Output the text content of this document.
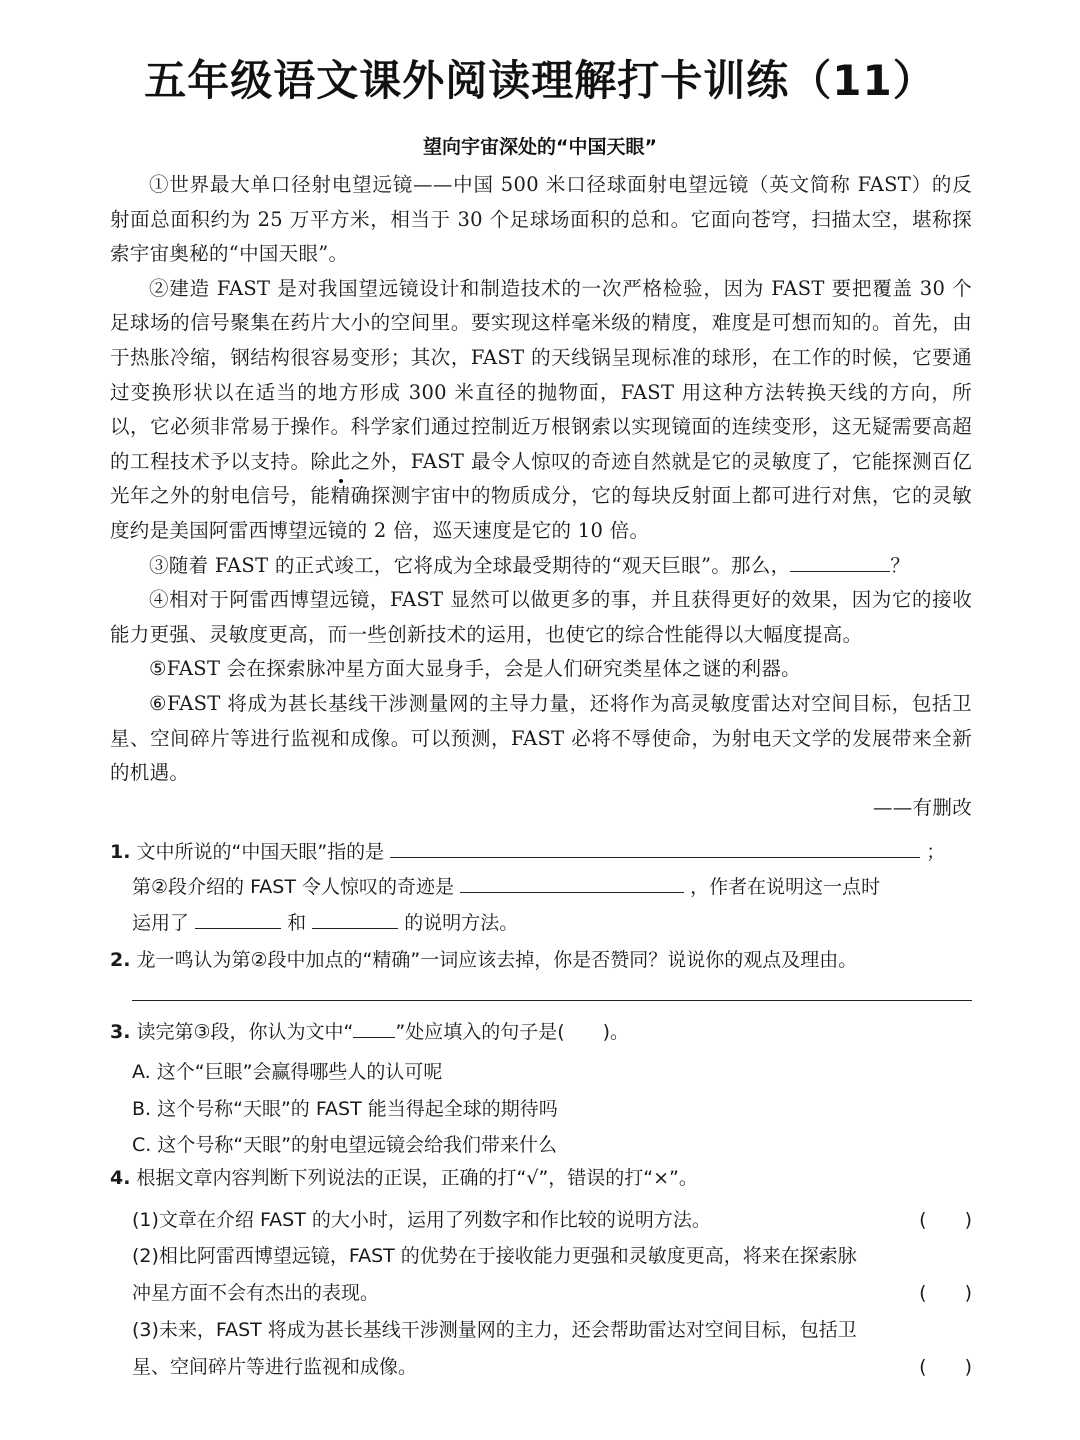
五年级语文课外阅读理解打卡训练（11）
望向宇宙深处的“中国天眼”

①世界最大单口径射电望远镜——中国 500 米口径球面射电望远镜（英文简称 FAST）的反射面总面积约为 25 万平方米，相当于 30 个足球场面积的总和。它面向苍穹，扫描太空，堪称探索宇宙奥秘的“中国天眼”。

②建造 FAST 是对我国望远镜设计和制造技术的一次严格检验，因为 FAST 要把覆盖 30 个足球场的信号聚集在药片大小的空间里。要实现这样毫米级的精度，难度是可想而知的。首先，由于热胀冷缩，钢结构很容易变形；其次，FAST 的天线锅呈现标准的球形，在工作的时候，它要通过变换形状以在适当的地方形成 300 米直径的抛物面，FAST 用这种方法转换天线的方向，所以，它必须非常易于操作。科学家们通过控制近万根钢索以实现镜面的连续变形，这无疑需要高超的工程技术予以支持。除此之外，FAST 最令人惊叹的奇迹自然就是它的灵敏度了，它能探测百亿光年之外的射电信号，能精确探测宇宙中的物质成分，它的每块反射面上都可进行对焦，它的灵敏度约是美国阿雷西博望远镜的 2 倍，巡天速度是它的 10 倍。

③随着 FAST 的正式竣工，它将成为全球最受期待的“观天巨眼”。那么，	？

④相对于阿雷西博望远镜，FAST 显然可以做更多的事，并且获得更好的效果，因为它的接收能力更强、灵敏度更高，而一些创新技术的运用，也使它的综合性能得以大幅度提高。

⑤FAST 会在探索脉冲星方面大显身手，会是人们研究类星体之谜的利器。

⑥FAST 将成为甚长基线干涉测量网的主导力量，还将作为高灵敏度雷达对空间目标，包括卫星、空间碎片等进行监视和成像。可以预测，FAST 必将不辱使命，为射电天文学的发展带来全新的机遇。

——有删改

1. 文中所说的“中国天眼”指的是	；
第②段介绍的 FAST 令人惊叹的奇迹是	，作者在说明这一点时
运用了	和	的说明方法。
2. 龙一鸣认为第②段中加点的“精确”一词应该去掉，你是否赞同？说说你的观点及理由。
3. 读完第③段，你认为文中“ ”处应填入的句子是(　　)。
A. 这个“巨眼”会赢得哪些人的认可呢
B. 这个号称“天眼”的 FAST 能当得起全球的期待吗
C. 这个号称“天眼”的射电望远镜会给我们带来什么
4. 根据文章内容判断下列说法的正误，正确的打“√”，错误的打“×”。
(1)文章在介绍 FAST 的大小时，运用了列数字和作比较的说明方法。	(　　)
(2)相比阿雷西博望远镜，FAST 的优势在于接收能力更强和灵敏度更高，将来在探索脉
冲星方面不会有杰出的表现。	(　　)
(3)未来，FAST 将成为甚长基线干涉测量网的主力，还会帮助雷达对空间目标，包括卫
星、空间碎片等进行监视和成像。	(　　)
